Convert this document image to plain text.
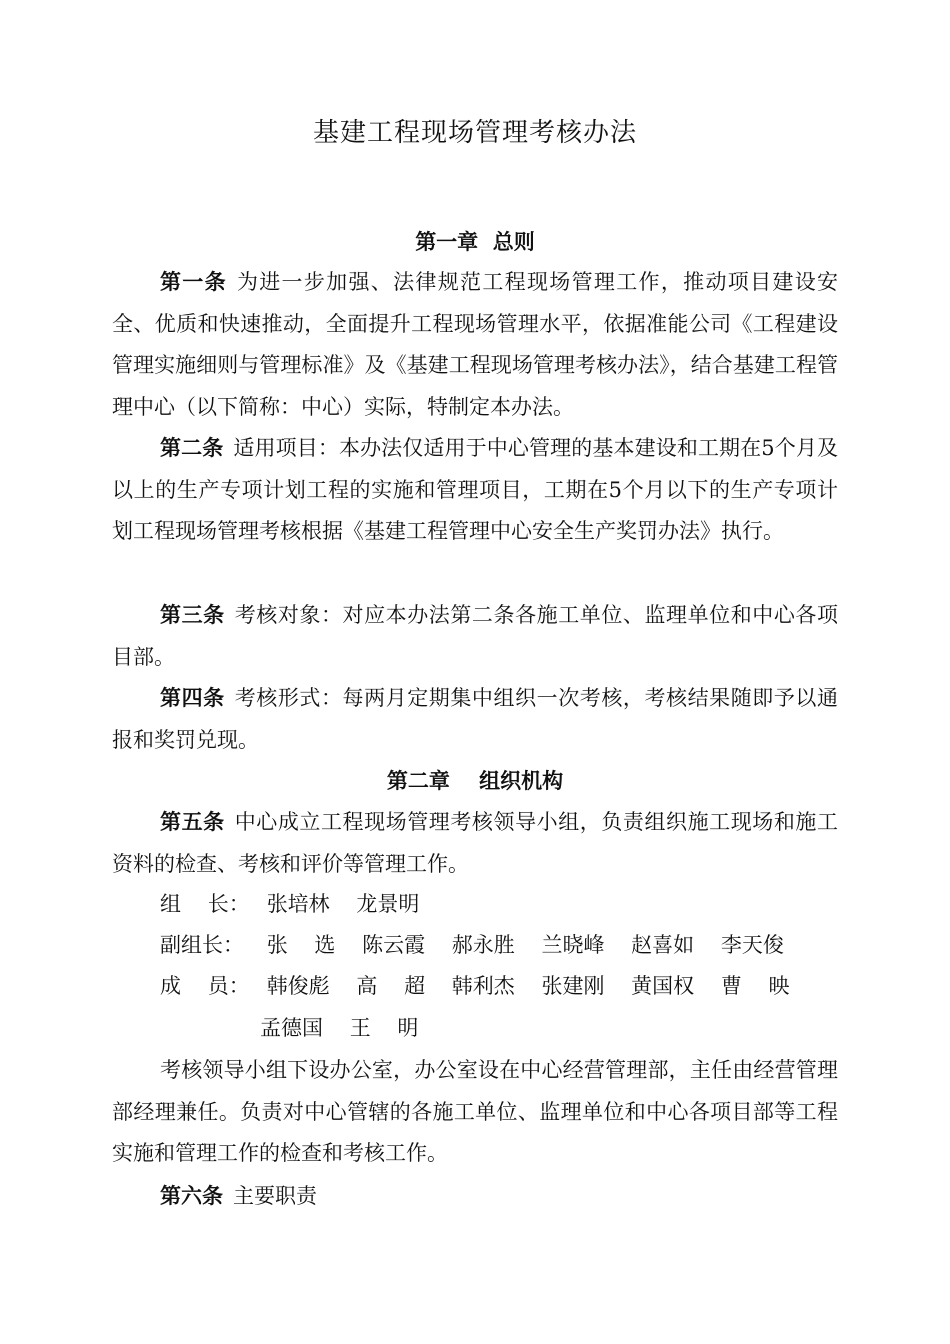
基建工程现场管理考核办法
第一章  总则

第一条 为进一步加强、法律规范工程现场管理工作，推动项目建设安全、优质和快速推动，全面提升工程现场管理水平，依据准能公司《工程建设管理实施细则与管理标准》及《基建工程现场管理考核办法》，结合基建工程管理中心（以下简称：中心）实际，特制定本办法。

第二条 适用项目：本办法仅适用于中心管理的基本建设和工期在5个月及以上的生产专项计划工程的实施和管理项目，工期在5个月以下的生产专项计划工程现场管理考核根据《基建工程管理中心安全生产奖罚办法》执行。

第三条 考核对象：对应本办法第二条各施工单位、监理单位和中心各项目部。

第四条 考核形式：每两月定期集中组织一次考核，考核结果随即予以通报和奖罚兑现。

第二章    组织机构

第五条 中心成立工程现场管理考核领导小组，负责组织施工现场和施工资料的检查、考核和评价等管理工作。

组    长： 张培林 龙景明
副组长： 张    选 陈云霞 郝永胜 兰晓峰 赵喜如 李天俊
成    员： 韩俊彪 高    超 韩利杰 张建刚 黄国权 曹    映
孟德国 王    明

考核领导小组下设办公室，办公室设在中心经营管理部，主任由经营管理部经理兼任。负责对中心管辖的各施工单位、监理单位和中心各项目部等工程实施和管理工作的检查和考核工作。

第六条 主要职责
